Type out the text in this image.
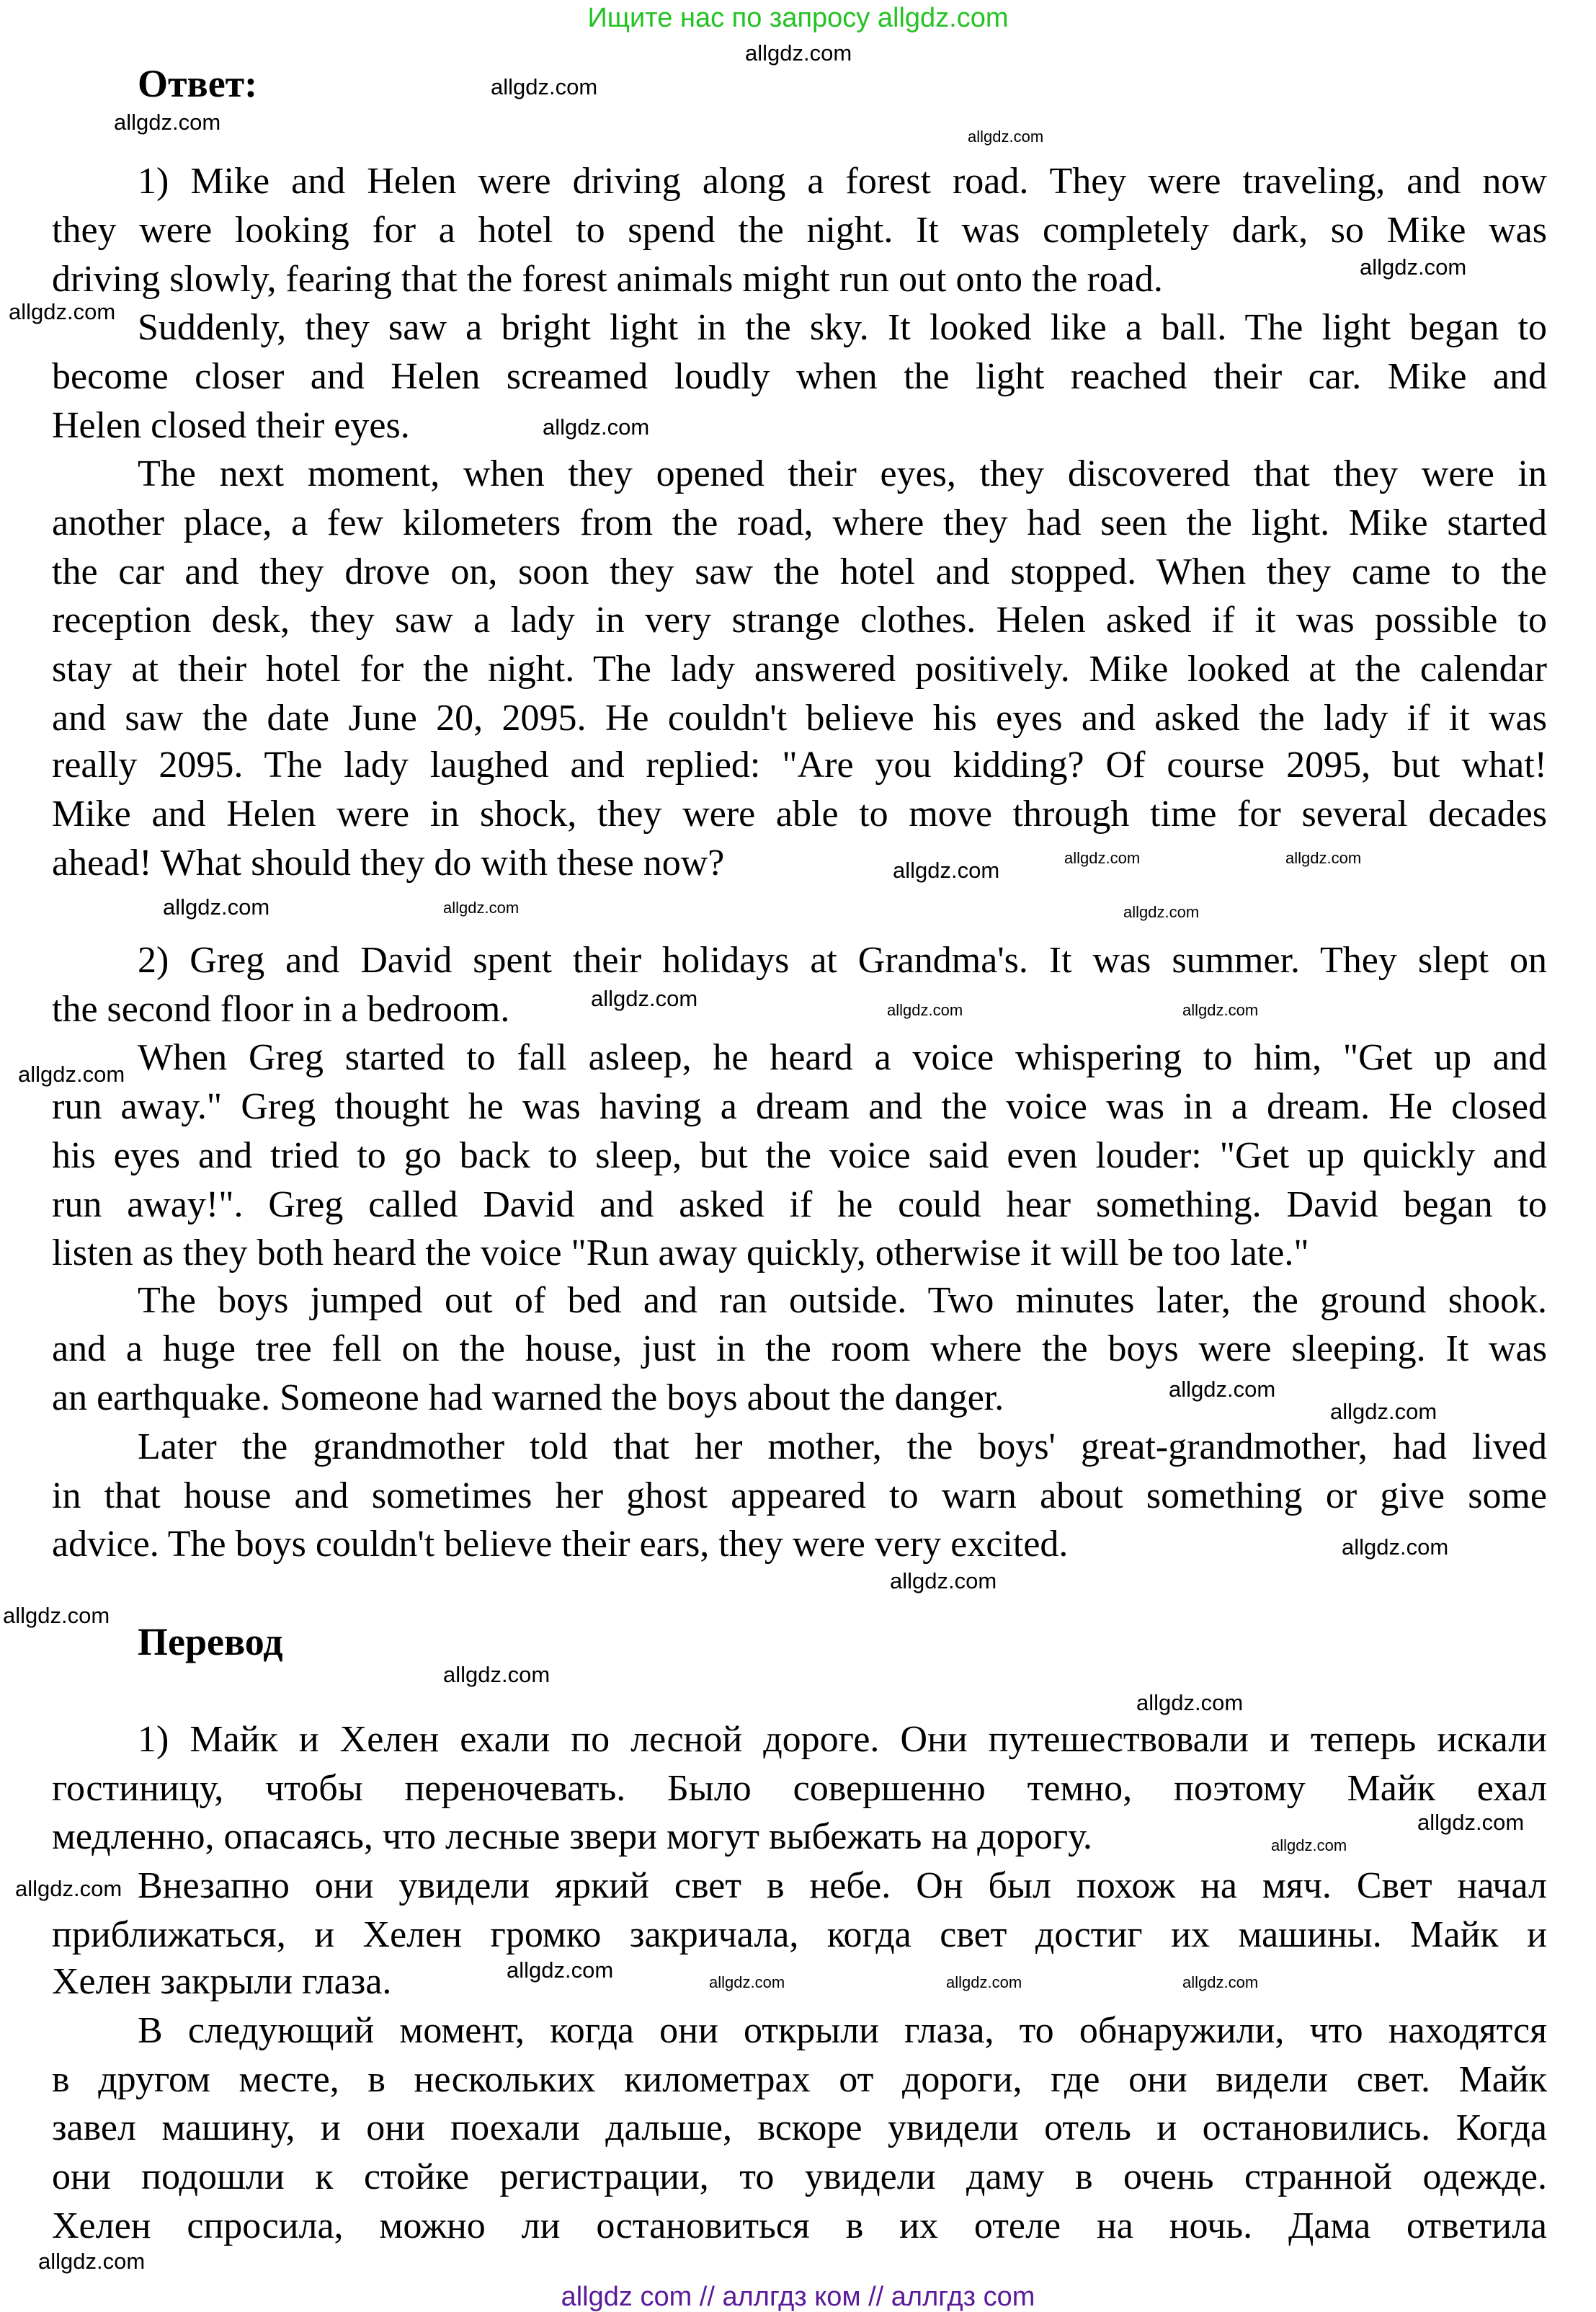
Ищите нас по запросу allgdz.com
Ответ:
Перевод
1) Mike and Helen were driving along a forest road. They were traveling, and now
they were looking for a hotel to spend the night. It was completely dark, so Mike was
driving slowly, fearing that the forest animals might run out onto the road.
Suddenly, they saw a bright light in the sky. It looked like a ball. The light began to
become closer and Helen screamed loudly when the light reached their car. Mike and
Helen closed their eyes.
The next moment, when they opened their eyes, they discovered that they were in
another place, a few kilometers from the road, where they had seen the light. Mike started
the car and they drove on, soon they saw the hotel and stopped. When they came to the
reception desk, they saw a lady in very strange clothes. Helen asked if it was possible to
stay at their hotel for the night. The lady answered positively. Mike looked at the calendar
and saw the date June 20, 2095. He couldn't believe his eyes and asked the lady if it was
really 2095. The lady laughed and replied: "Are you kidding? Of course 2095, but what!
Mike and Helen were in shock, they were able to move through time for several decades
ahead! What should they do with these now?
2) Greg and David spent their holidays at Grandma's. It was summer. They slept on
the second floor in a bedroom.
When Greg started to fall asleep, he heard a voice whispering to him, "Get up and
run away." Greg thought he was having a dream and the voice was in a dream. He closed
his eyes and tried to go back to sleep, but the voice said even louder: "Get up quickly and
run away!". Greg called David and asked if he could hear something. David began to
listen as they both heard the voice "Run away quickly, otherwise it will be too late."
The boys jumped out of bed and ran outside. Two minutes later, the ground shook.
and a huge tree fell on the house, just in the room where the boys were sleeping. It was
an earthquake. Someone had warned the boys about the danger.
Later the grandmother told that her mother, the boys' great-grandmother, had lived
in that house and sometimes her ghost appeared to warn about something or give some
advice. The boys couldn't believe their ears, they were very excited.
1) Майк и Хелен ехали по лесной дороге. Они путешествовали и теперь искали
гостиницу, чтобы переночевать. Было совершенно темно, поэтому Майк ехал
медленно, опасаясь, что лесные звери могут выбежать на дорогу.
Внезапно они увидели яркий свет в небе. Он был похож на мяч. Свет начал
приближаться, и Хелен громко закричала, когда свет достиг их машины. Майк и
Хелен закрыли глаза.
В следующий момент, когда они открыли глаза, то обнаружили, что находятся
в другом месте, в нескольких километрах от дороги, где они видели свет. Майк
завел машину, и они поехали дальше, вскоре увидели отель и остановились. Когда
они подошли к стойке регистрации, то увидели даму в очень странной одежде.
Хелен спросила, можно ли остановиться в их отеле на ночь. Дама ответила
allgdz.com
allgdz.com
allgdz.com
allgdz.com
allgdz.com
allgdz.com
allgdz.com
allgdz.com	allgdz.com
allgdz.com	allgdz.com
allgdz.com
allgdz.com
allgdz.com
allgdz.com
allgdz.com
allgdz.com
allgdz.com
allgdz.com
allgdz.com
allgdz.com
allgdz.com
allgdz.com
allgdz.com
allgdz.com
allgdz.com
allgdz.com
allgdz.com	allgdz.com	allgdz.com	allgdz.com
allgdz.com
allgdz com // аллгдз ком // аллгдз com
